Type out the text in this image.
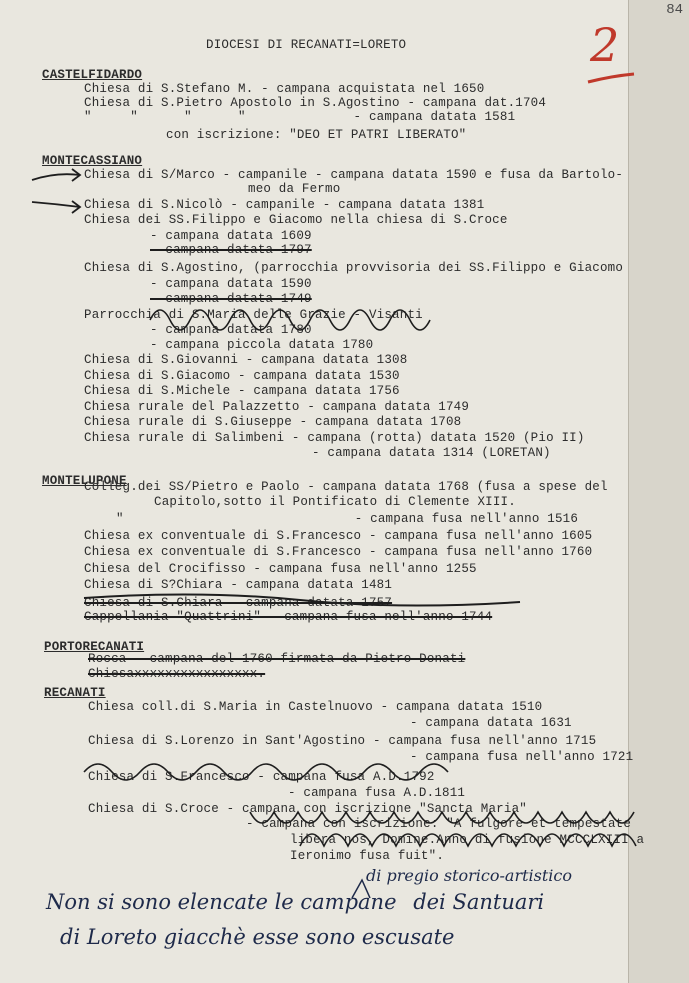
84
DIOCESI DI RECANATI=LORETO
CASTELFIDARDO
Chiesa di S.Stefano M. - campana acquistata nel 1650
Chiesa di S.Pietro Apostolo in S.Agostino - campana dat.1704
"     "      "      "              - campana datata 1581
con iscrizione: "DEO ET PATRI LIBERATO"
MONTECASSIANO
Chiesa di S/Marco - campanile - campana datata 1590 e fusa da Bartolo-
meo da Fermo
Chiesa di S.Nicolò - campanile - campana datata 1381
Chiesa dei SS.Filippo e Giacomo nella chiesa di S.Croce
- campana datata 1609
- campana datata 1797
Chiesa di S.Agostino, (parrocchia provvisoria dei SS.Filippo e Giacomo
- campana datata 1590
- campana datata 1749
Parrocchia di S.Maria delle Grazie - Visanti
- campana datata 1780
- campana piccola datata 1780
Chiesa di S.Giovanni - campana datata 1308
Chiesa di S.Giacomo - campana datata 1530
Chiesa di S.Michele - campana datata 1756
Chiesa rurale del Palazzetto - campana datata 1749
Chiesa rurale di S.Giuseppe - campana datata 1708
Chiesa rurale di Salimbeni - campana (rotta) datata 1520 (Pio II)
- campana datata 1314 (LORETAN)
MONTELUPONE
Colleg.dei SS/Pietro e Paolo - campana datata 1768 (fusa a spese del
Capitolo,sotto il Pontificato di Clemente XIII.
"                              - campana fusa nell'anno 1516
Chiesa ex conventuale di S.Francesco - campana fusa nell'anno 1605
Chiesa ex conventuale di S.Francesco - campana fusa nell'anno 1760
Chiesa del Crocifisso - campana fusa nell'anno 1255
Chiesa di S?Chiara - campana datata 1481
Chiesa di S.Chiara - campana datata 1757
Cappellania "Quattrini" - campana fusa nell'anno 1744
PORTORECANATI
Rocca - campana del 1760 firmata da Pietro Donati
Chiesaxxxxxxxxxxxxxxxx.
RECANATI
Chiesa coll.di S.Maria in Castelnuovo - campana datata 1510
- campana datata 1631
Chiesa di S.Lorenzo in Sant'Agostino - campana fusa nell'anno 1715
- campana fusa nell'anno 1721
Chiesa di S.Francesco - campana fusa A.D.1792
- campana fusa A.D.1811
Chiesa di S.Croce - campana con iscrizione "Sancta Maria"
- campana con iscrizione: "A fulgore et tempestate
libera nos, Domine.Anno di fusione MCCCLXIII a
Ieronimo fusa fuit".
2
di pregio storico-artistico
Non si sono elencate le campane dei Santuari
di Loreto giacchè esse sono escusate
